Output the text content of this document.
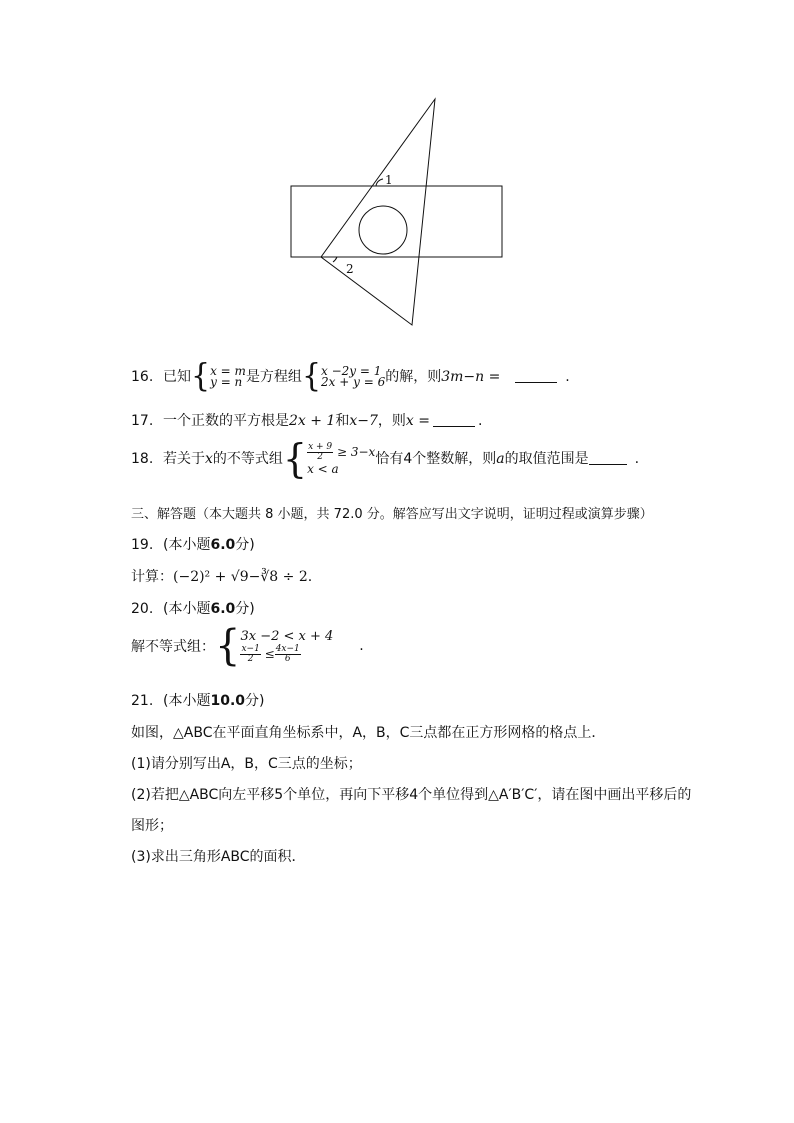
1
2
16. 已知{x = m
y = n 是方程组{x −2y = 1
2x + y = 6的解，则3m−n =	.
17. 一个正数的平方根是2x + 1和x−7，则x =	.
18. 若关于x的不等式组{ $\frac{x + 9}{2} \ge 3-x$
x < a恰有4个整数解，则a的取值范围是	.
三、解答题（本大题共 8 小题，共 72.0 分。解答应写出文字说明，证明过程或演算步骤）
19. (本小题6.0分)
计算：(−2)² + √9−∛8 ÷ 2.
20. (本小题6.0分)
解不等式组：{3x −2 < x + 4

$\frac{x-1}{2} \le \frac{4x-1}{6}$	.
21. (本小题10.0分)
如图，△ABC在平面直角坐标系中，A，B，C三点都在正方形网格的格点上．
(1)请分别写出A，B，C三点的坐标；
(2)若把△ABC向左平移5个单位，再向下平移4个单位得到△A′B′C′，请在图中画出平移后的
图形；
(3)求出三角形ABC的面积．
